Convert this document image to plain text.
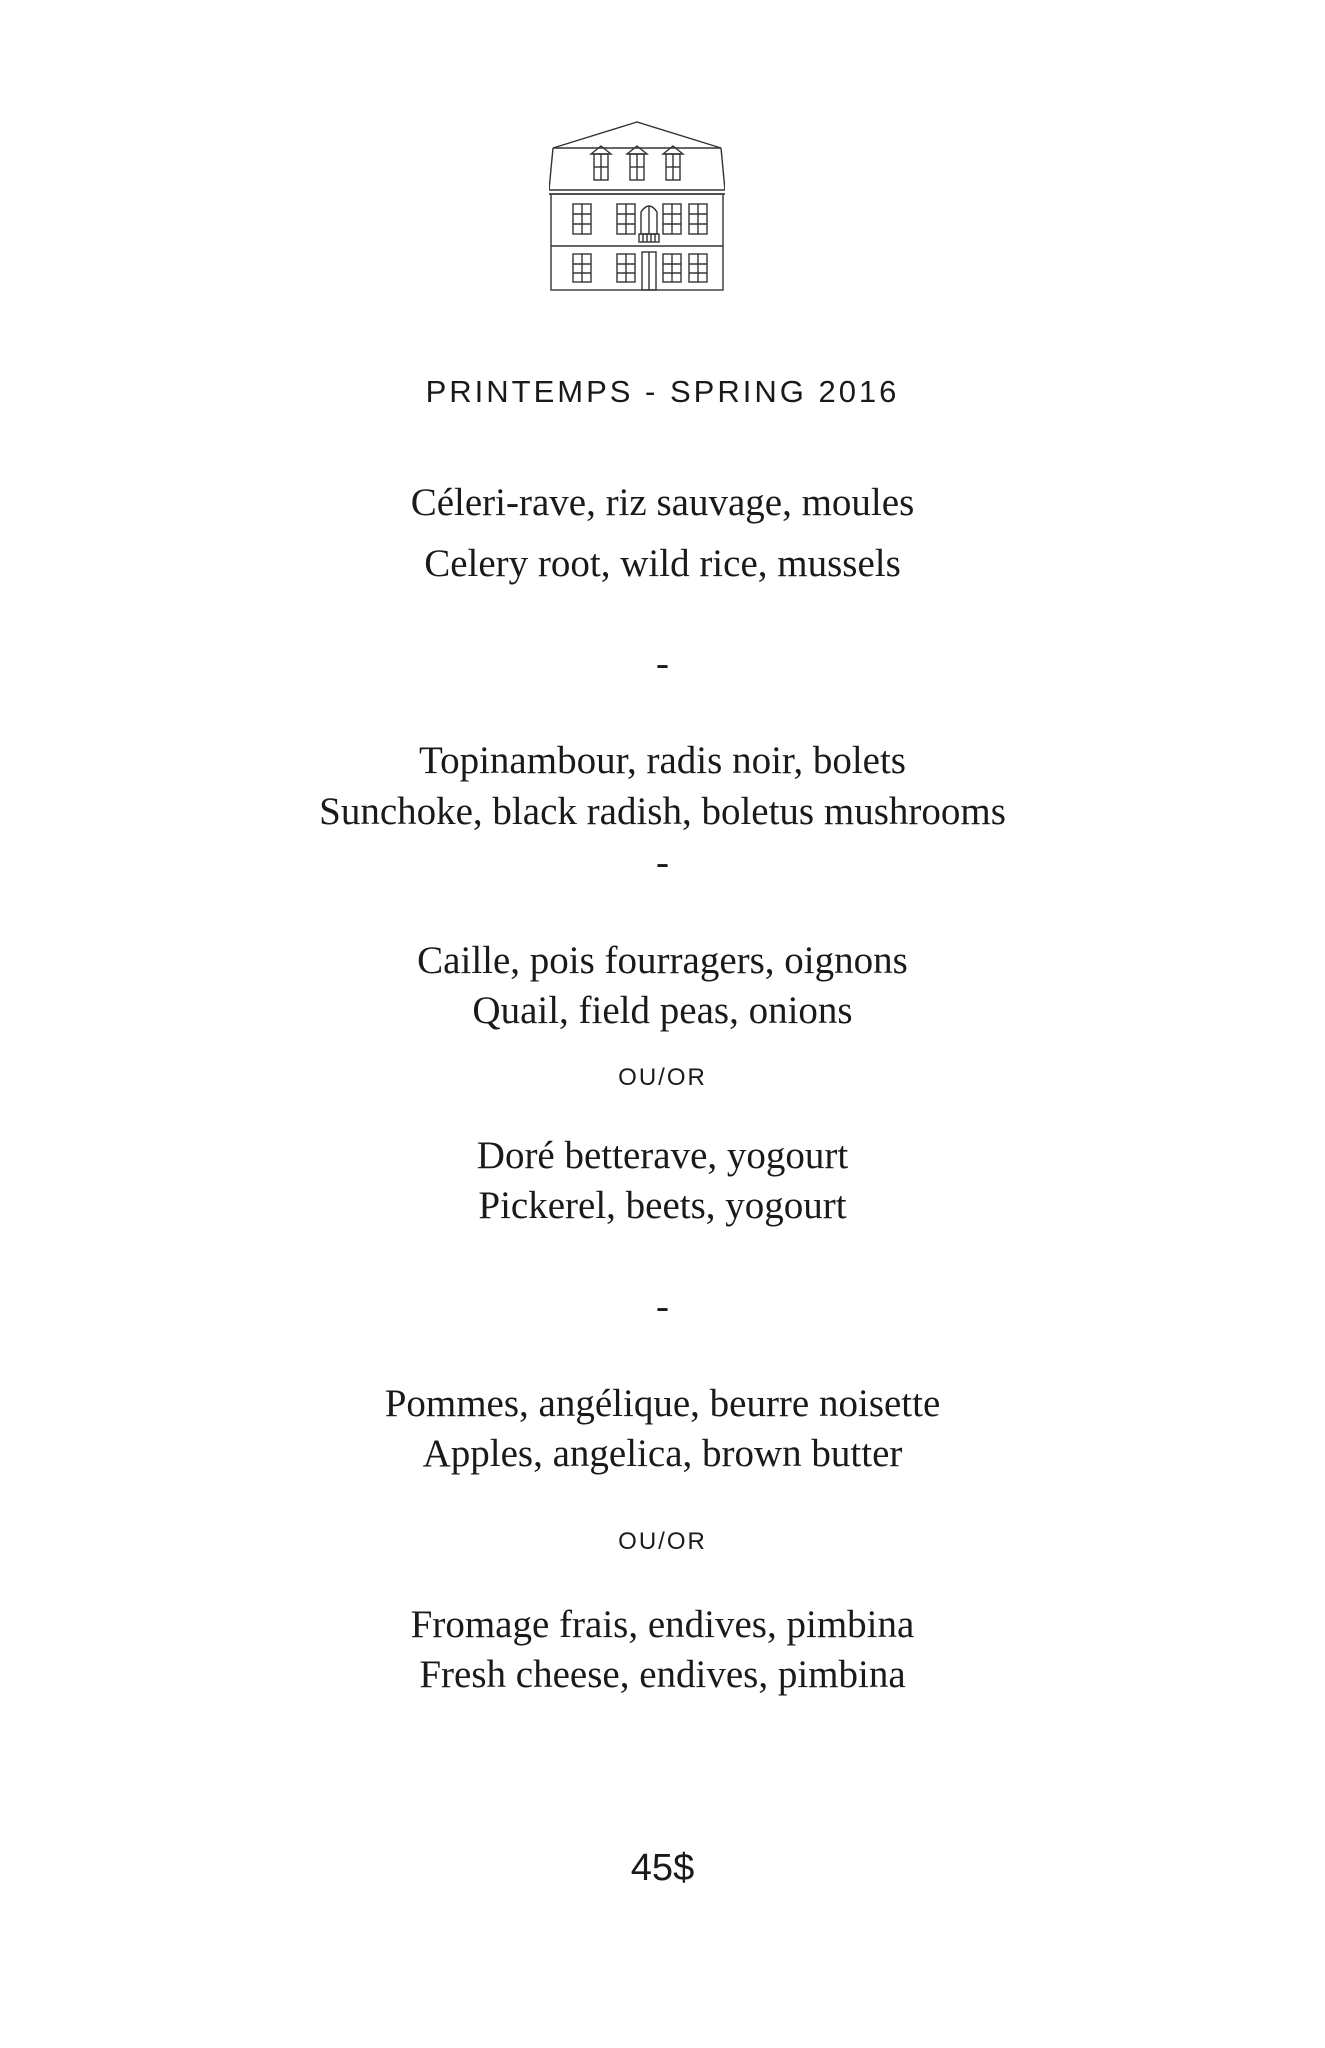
PRINTEMPS - SPRING 2016
Céleri-rave, riz sauvage, moules
Celery root, wild rice, mussels
-
Topinambour, radis noir, bolets
Sunchoke, black radish, boletus mushrooms
-
Caille, pois fourragers, oignons
Quail, field peas, onions
OU/OR
Doré betterave, yogourt
Pickerel, beets, yogourt
-
Pommes, angélique, beurre noisette
Apples, angelica, brown butter
OU/OR
Fromage frais, endives, pimbina
Fresh cheese, endives, pimbina
45$
